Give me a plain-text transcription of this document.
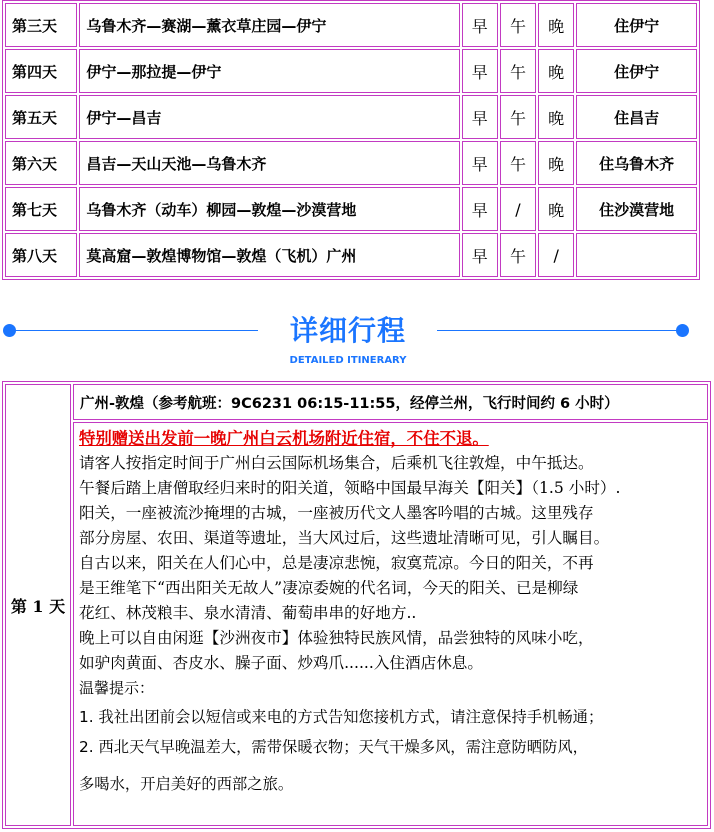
第三天	乌鲁木齐—赛湖—薰衣草庄园—伊宁	早	午	晚	住伊宁
第四天	伊宁—那拉提—伊宁	早	午	晚	住伊宁
第五天	伊宁—昌吉	早	午	晚	住昌吉
第六天	昌吉—天山天池—乌鲁木齐	早	午	晚	住乌鲁木齐
第七天	乌鲁木齐（动车）柳园—敦煌—沙漠营地	早	/	晚	住沙漠营地
第八天	莫高窟—敦煌博物馆—敦煌（飞机）广州	早	午	/	
详细行程
DETAILED ITINERARY
第 1 天	广州-敦煌（参考航班：9C6231 06:15-11:55，经停兰州，飞行时间约 6 小时）

特别赠送出发前一晚广州白云机场附近住宿，不住不退。

请客人按指定时间于广州白云国际机场集合，后乘机飞往敦煌，中午抵达。

午餐后踏上唐僧取经归来时的阳关道，领略中国最早海关【阳关】（1.5 小时）.

阳关，一座被流沙掩埋的古城，一座被历代文人墨客吟唱的古城。这里残存

部分房屋、农田、渠道等遗址，当大风过后，这些遗址清晰可见，引人瞩目。

自古以来，阳关在人们心中，总是凄凉悲惋，寂寞荒凉。今日的阳关，不再

是王维笔下“西出阳关无故人”凄凉委婉的代名词，今天的阳关、已是柳绿

花红、林茂粮丰、泉水清清、葡萄串串的好地方..

晚上可以自由闲逛【沙洲夜市】体验独特民族风情，品尝独特的风味小吃，

如驴肉黄面、杏皮水、臊子面、炒鸡爪......入住酒店休息。

温馨提示：
1. 我社出团前会以短信或来电的方式告知您接机方式，请注意保持手机畅通；
2. 西北天气早晚温差大，需带保暖衣物；天气干燥多风，需注意防晒防风，
多喝水，开启美好的西部之旅。
